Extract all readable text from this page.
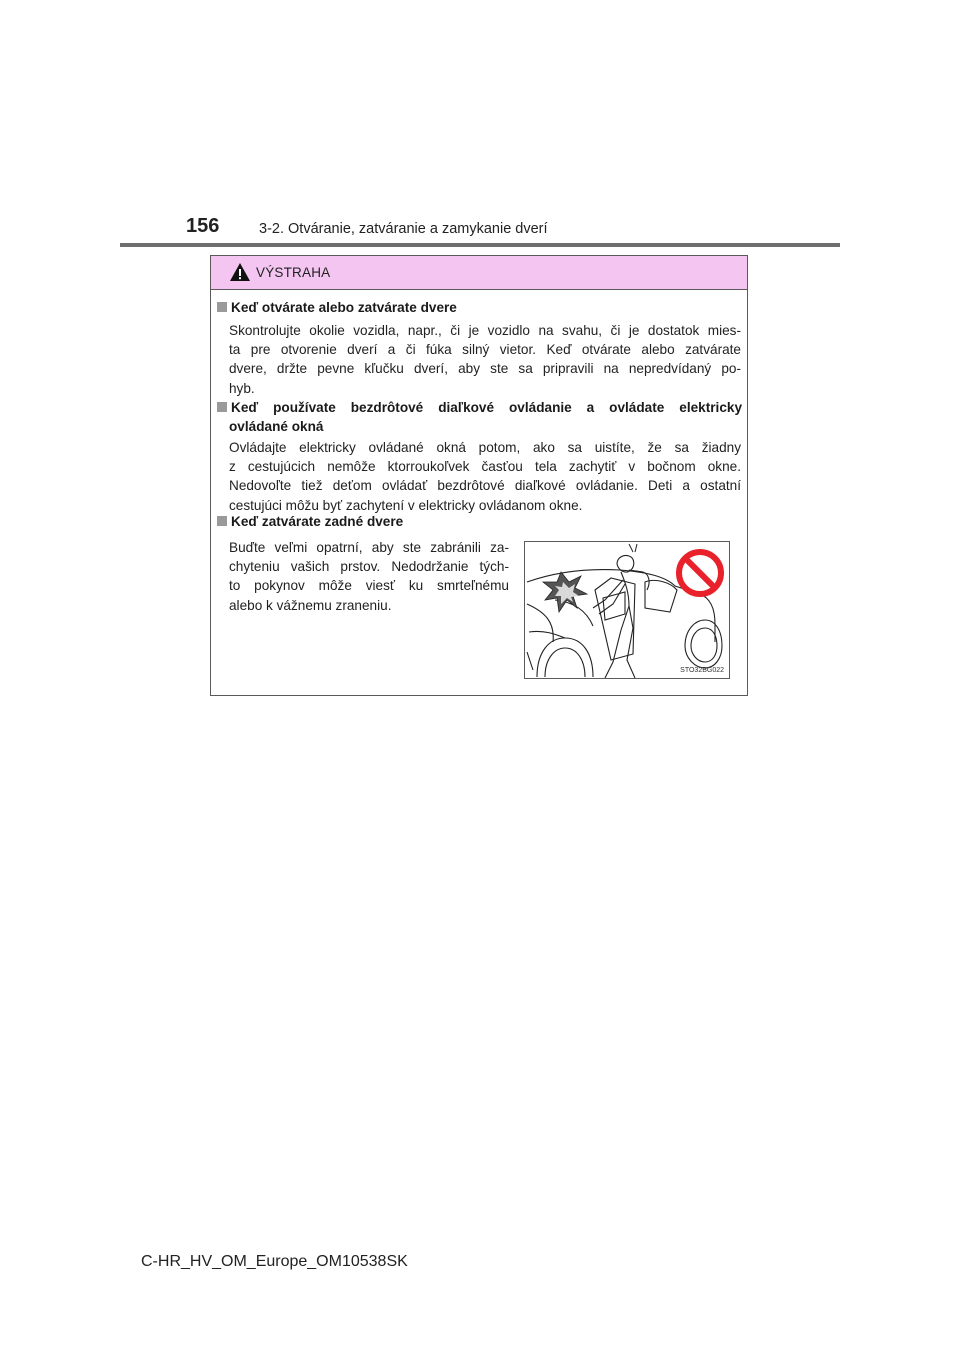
156	3-2. Otváranie, zatváranie a zamykanie dverí
VÝSTRAHA
Keď otvárate alebo zatvárate dvere
Skontrolujte okolie vozidla, napr., či je vozidlo na svahu, či je dostatok mies-
ta pre otvorenie dverí a či fúka silný vietor. Keď otvárate alebo zatvárate
dvere, držte pevne kľučku dverí, aby ste sa pripravili na nepredvídaný po-
hyb.
Keď používate bezdrôtové diaľkové ovládanie a ovládate elektricky
ovládané okná
Ovládajte elektricky ovládané okná potom, ako sa uistíte, že sa žiadny
z cestujúcich nemôže ktorroukoľvek časťou tela zachytiť v bočnom okne.
Nedovoľte tiež deťom ovládať bezdrôtové diaľkové ovládanie. Deti a ostatní
cestujúci môžu byť zachytení v elektricky ovládanom okne.
Keď zatvárate zadné dvere
Buďte veľmi opatrní, aby ste zabránili za-
chyteniu vašich prstov. Nedodržanie tých-
to pokynov môže viesť ku smrteľnému
alebo k vážnemu zraneniu.
STO32BG022
C-HR_HV_OM_Europe_OM10538SK
